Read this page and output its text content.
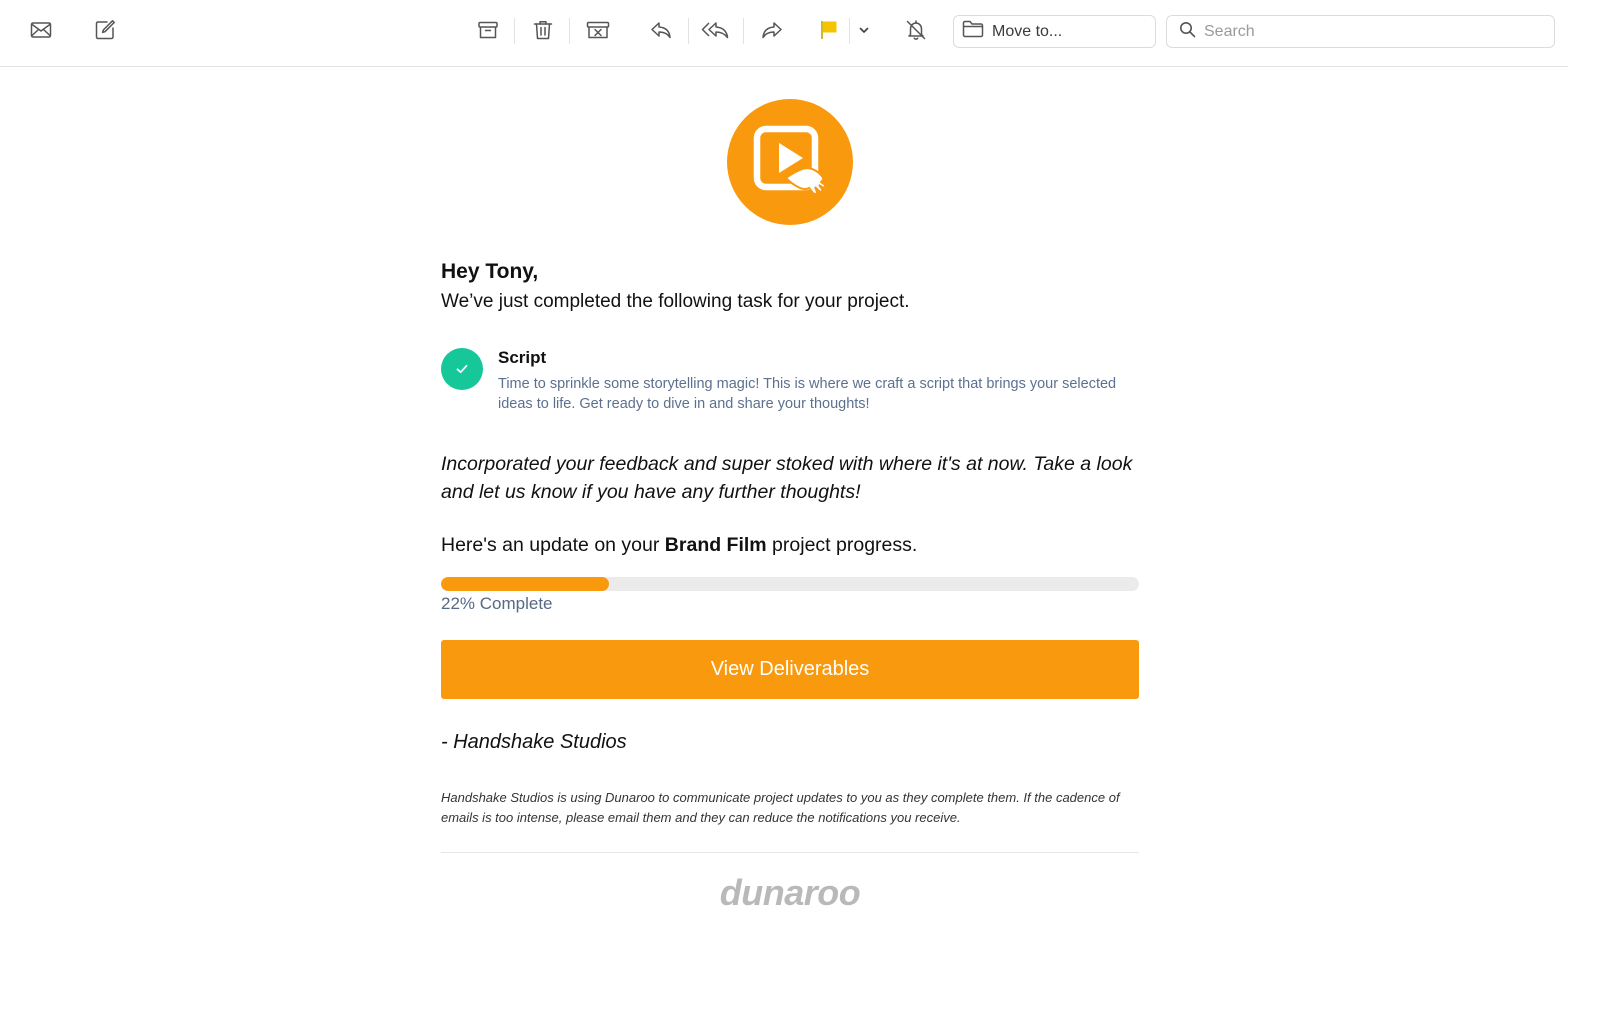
Move to...
Search
Hey Tony,
We’ve just completed the following task for your project.
Script
Time to sprinkle some storytelling magic! This is where we craft a script that brings your selected ideas to life. Get ready to dive in and share your thoughts!
Incorporated your feedback and super stoked with where it's at now. Take a look and let us know if you have any further thoughts!
Here's an update on your Brand Film project progress.
22% Complete
View Deliverables
- Handshake Studios
Handshake Studios is using Dunaroo to communicate project updates to you as they complete them. If the cadence of emails is too intense, please email them and they can reduce the notifications you receive.
dunaroo
